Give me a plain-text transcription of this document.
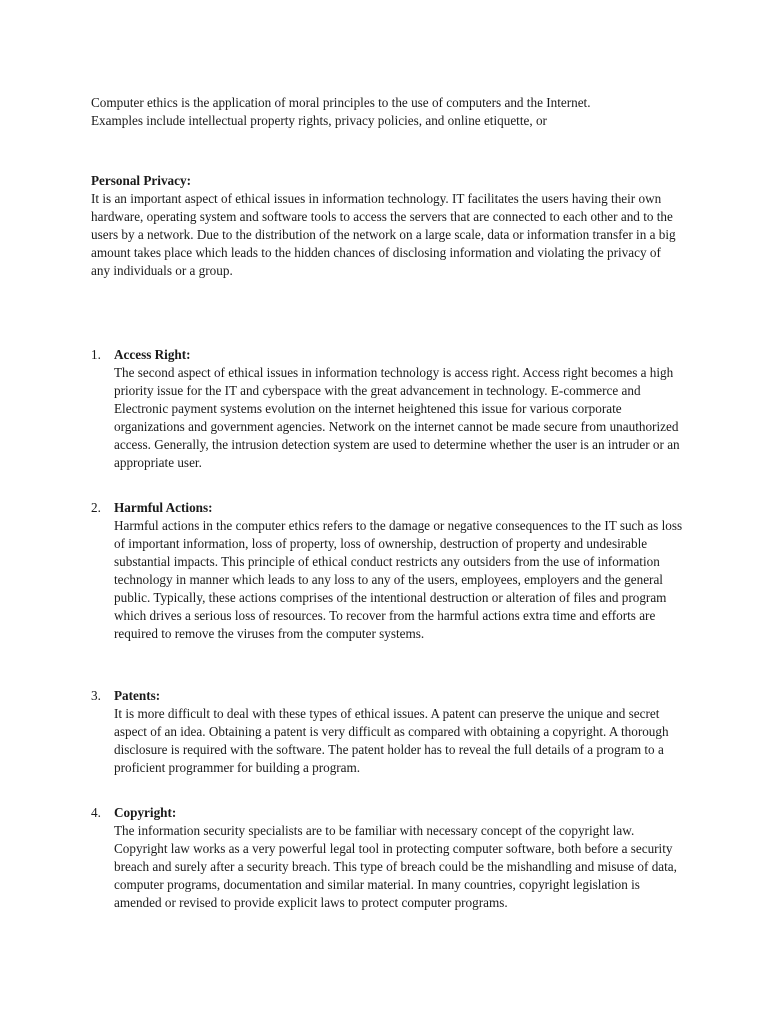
Computer ethics is the application of moral principles to the use of computers and the Internet.
Examples include intellectual property rights, privacy policies, and online etiquette, or
Personal Privacy:
It is an important aspect of ethical issues in information technology. IT facilitates the users having their own hardware, operating system and software tools to access the servers that are connected to each other and to the users by a network. Due to the distribution of the network on a large scale, data or information transfer in a big amount takes place which leads to the hidden chances of disclosing information and violating the privacy of any individuals or a group.
1. Access Right:
The second aspect of ethical issues in information technology is access right. Access right becomes a high priority issue for the IT and cyberspace with the great advancement in technology. E-commerce and Electronic payment systems evolution on the internet heightened this issue for various corporate organizations and government agencies. Network on the internet cannot be made secure from unauthorized access. Generally, the intrusion detection system are used to determine whether the user is an intruder or an appropriate user.
2. Harmful Actions:
Harmful actions in the computer ethics refers to the damage or negative consequences to the IT such as loss of important information, loss of property, loss of ownership, destruction of property and undesirable substantial impacts. This principle of ethical conduct restricts any outsiders from the use of information technology in manner which leads to any loss to any of the users, employees, employers and the general public. Typically, these actions comprises of the intentional destruction or alteration of files and program which drives a serious loss of resources. To recover from the harmful actions extra time and efforts are required to remove the viruses from the computer systems.
3. Patents:
It is more difficult to deal with these types of ethical issues. A patent can preserve the unique and secret aspect of an idea. Obtaining a patent is very difficult as compared with obtaining a copyright. A thorough disclosure is required with the software. The patent holder has to reveal the full details of a program to a proficient programmer for building a program.
4. Copyright:
The information security specialists are to be familiar with necessary concept of the copyright law. Copyright law works as a very powerful legal tool in protecting computer software, both before a security breach and surely after a security breach. This type of breach could be the mishandling and misuse of data, computer programs, documentation and similar material. In many countries, copyright legislation is amended or revised to provide explicit laws to protect computer programs.
